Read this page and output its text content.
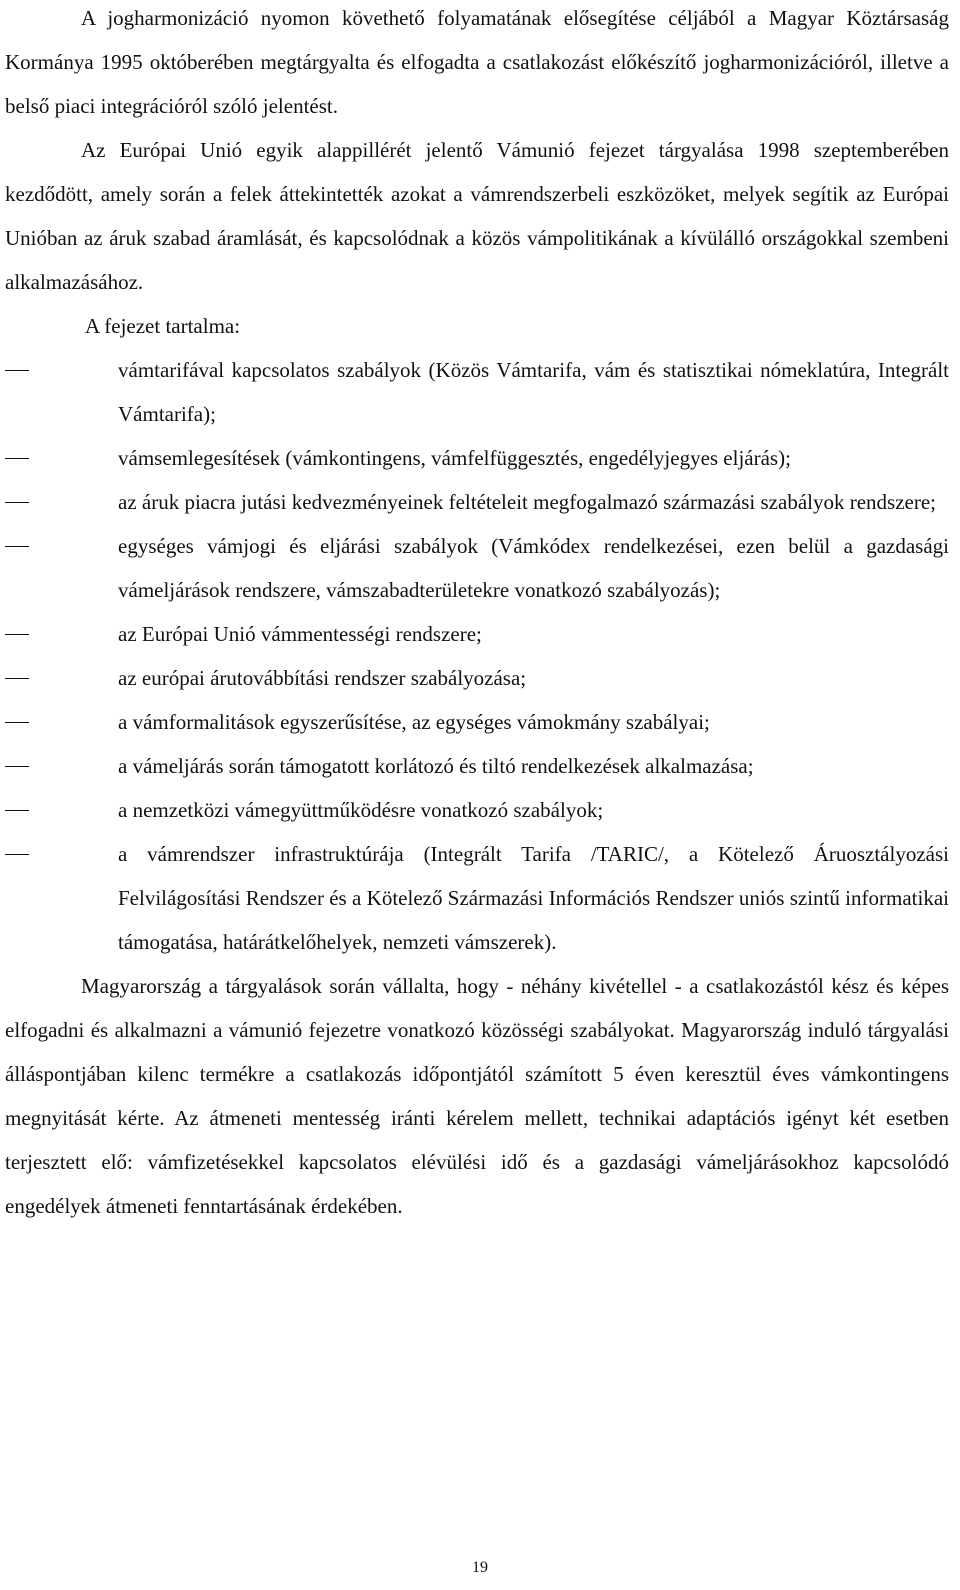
A jogharmonizáció nyomon követhető folyamatának elősegítése céljából a Magyar Köztársaság Kormánya 1995 októberében megtárgyalta és elfogadta a csatlakozást előkészítő jogharmonizációról, illetve a belső piaci integrációról szóló jelentést.

Az Európai Unió egyik alappillérét jelentő Vámunió fejezet tárgyalása 1998 szeptemberében kezdődött, amely során a felek áttekintették azokat a vámrendszerbeli eszközöket, melyek segítik az Európai Unióban az áruk szabad áramlását, és kapcsolódnak a közös vámpolitikának a kívülálló országokkal szembeni alkalmazásához.

A fejezet tartalma:

vámtarifával kapcsolatos szabályok (Közös Vámtarifa, vám és statisztikai nómeklatúra, Integrált Vámtarifa);
vámsemlegesítések (vámkontingens, vámfelfüggesztés, engedélyjegyes eljárás);
az áruk piacra jutási kedvezményeinek feltételeit megfogalmazó származási szabályok rendszere;
egységes vámjogi és eljárási szabályok (Vámkódex rendelkezései, ezen belül a gazdasági vámeljárások rendszere, vámszabadterületekre vonatkozó szabályozás);
az Európai Unió vámmentességi rendszere;
az európai árutovábbítási rendszer szabályozása;
a vámformalitások egyszerűsítése, az egységes vámokmány szabályai;
a vámeljárás során támogatott korlátozó és tiltó rendelkezések alkalmazása;
a nemzetközi vámegyüttműködésre vonatkozó szabályok;
a vámrendszer infrastruktúrája (Integrált Tarifa /TARIC/, a Kötelező Áruosztályozási Felvilágosítási Rendszer és a Kötelező Származási Információs Rendszer uniós szintű informatikai támogatása, határátkelőhelyek, nemzeti vámszerek).

Magyarország a tárgyalások során vállalta, hogy - néhány kivétellel - a csatlakozástól kész és képes elfogadni és alkalmazni a vámunió fejezetre vonatkozó közösségi szabályokat. Magyarország induló tárgyalási álláspontjában kilenc termékre a csatlakozás időpontjától számított 5 éven keresztül éves vámkontingens megnyitását kérte. Az átmeneti mentesség iránti kérelem mellett, technikai adaptációs igényt két esetben terjesztett elő: vámfizetésekkel kapcsolatos elévülési idő és a gazdasági vámeljárásokhoz kapcsolódó engedélyek átmeneti fenntartásának érdekében.

19
